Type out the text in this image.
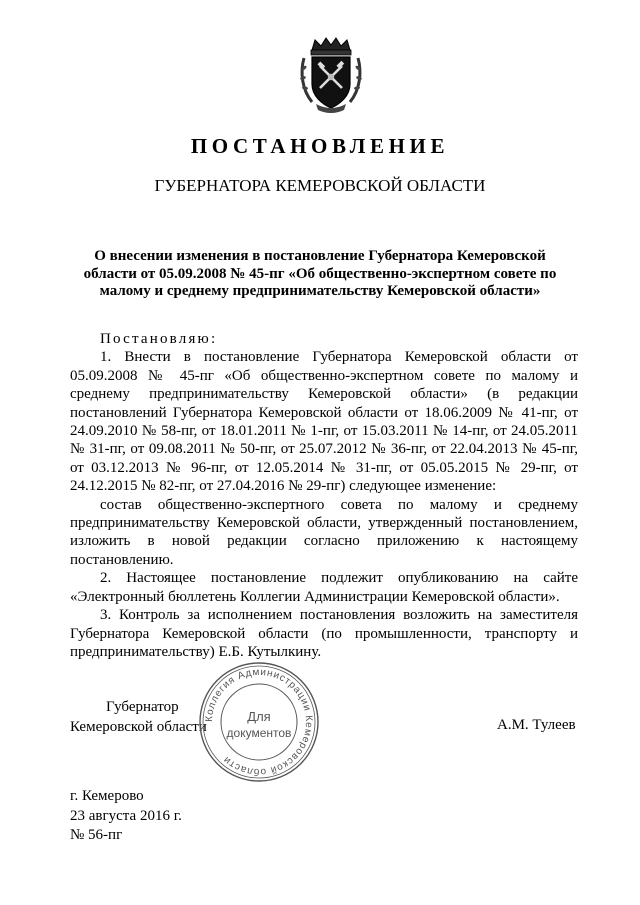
ПОСТАНОВЛЕНИЕ
ГУБЕРНАТОРА КЕМЕРОВСКОЙ ОБЛАСТИ
О внесении изменения в постановление Губернатора Кемеровской области от 05.09.2008 № 45-пг «Об общественно-экспертном совете по малому и среднему предпринимательству Кемеровской области»

Постановляю:

1. Внести в постановление Губернатора Кемеровской области от 05.09.2008 № 45-пг «Об общественно-экспертном совете по малому и среднему предпринимательству Кемеровской области» (в редакции постановлений Губернатора Кемеровской области от 18.06.2009 № 41-пг, от 24.09.2010 № 58-пг, от 18.01.2011 № 1-пг, от 15.03.2011 № 14-пг, от 24.05.2011 № 31-пг, от 09.08.2011 № 50-пг, от 25.07.2012 № 36-пг, от 22.04.2013 № 45-пг, от 03.12.2013 № 96-пг, от 12.05.2014 № 31-пг, от 05.05.2015 № 29-пг, от 24.12.2015 № 82-пг, от 27.04.2016 № 29-пг) следующее изменение:

состав общественно-экспертного совета по малому и среднему предпринимательству Кемеровской области, утвержденный постановлением, изложить в новой редакции согласно приложению к настоящему постановлению.

2. Настоящее постановление подлежит опубликованию на сайте «Электронный бюллетень Коллегии Администрации Кемеровской области».

3. Контроль за исполнением постановления возложить на заместителя Губернатора Кемеровской области (по промышленности, транспорту и предпринимательству) Е.Б. Кутылкину.

Губернатор
Кемеровской области	А.М. Тулеев
Коллегия Администрации Кемеровской области
Для
документов
г. Кемерово
23 августа 2016 г.
№ 56-пг
